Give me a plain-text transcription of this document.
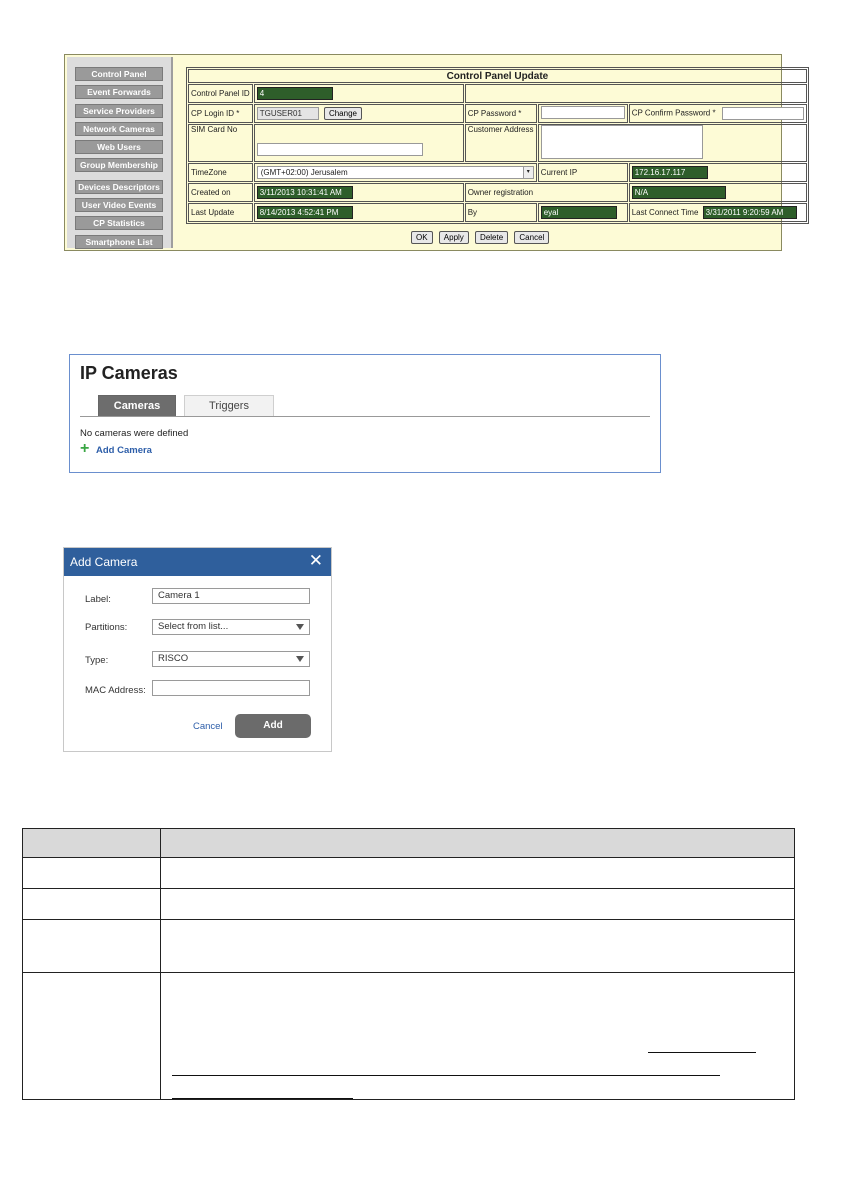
Control Panel
Event Forwards
Service Providers
Network Cameras
Web Users
Group Membership
Devices Descriptors
User Video Events
CP Statistics
Smartphone List
Control Panel Update				
Control Panel ID	4			
CP Login ID *	TGUSER01 Change	CP Password *		CP Confirm Password *
SIM Card No		Customer Address		
TimeZone	(GMT+02:00) Jerusalem ▾		Current IP	172.16.17.117
Created on	3/11/2013 10:31:41 AM	Owner registration		N/A
Last Update	8/14/2013 4:52:41 PM	By	eyal	Last Connect Time 3/31/2011 9:20:59 AM
OK Apply Delete Cancel
IP Cameras
Cameras	Triggers
No cameras were defined
+ Add Camera
Add Camera	✕
Label:	Camera 1
Partitions:	Select from list...
Type:	RISCO
MAC Address:
Cancel	Add
